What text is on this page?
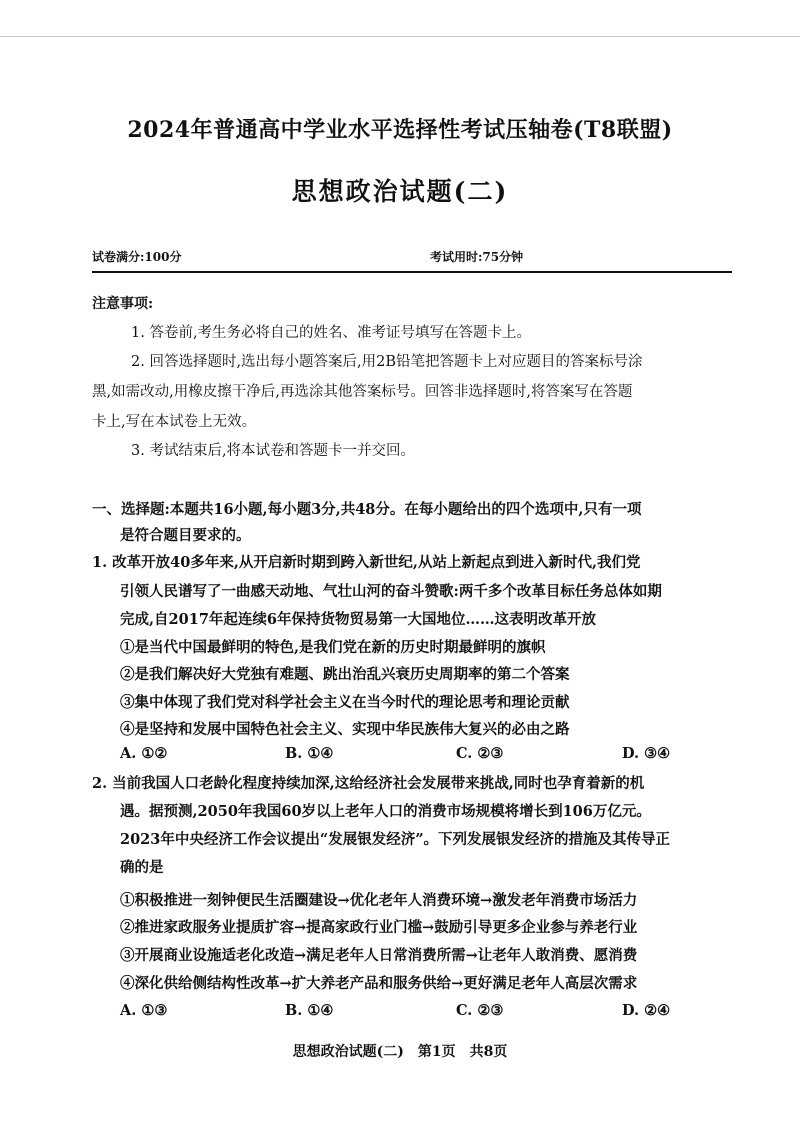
2024年普通高中学业水平选择性考试压轴卷(T8联盟)
思想政治试题(二)
试卷满分:100分	考试用时:75分钟
注意事项:
1. 答卷前,考生务必将自己的姓名、准考证号填写在答题卡上。
2. 回答选择题时,选出每小题答案后,用2B铅笔把答题卡上对应题目的答案标号涂
黑,如需改动,用橡皮擦干净后,再选涂其他答案标号。回答非选择题时,将答案写在答题
卡上,写在本试卷上无效。
3. 考试结束后,将本试卷和答题卡一并交回。
一、选择题:本题共16小题,每小题3分,共48分。在每小题给出的四个选项中,只有一项
是符合题目要求的。
1. 改革开放40多年来,从开启新时期到跨入新世纪,从站上新起点到进入新时代,我们党
引领人民谱写了一曲感天动地、气壮山河的奋斗赞歌:两千多个改革目标任务总体如期
完成,自2017年起连续6年保持货物贸易第一大国地位……这表明改革开放
①是当代中国最鲜明的特色,是我们党在新的历史时期最鲜明的旗帜
②是我们解决好大党独有难题、跳出治乱兴衰历史周期率的第二个答案
③集中体现了我们党对科学社会主义在当今时代的理论思考和理论贡献
④是坚持和发展中国特色社会主义、实现中华民族伟大复兴的必由之路
A. ①②	B. ①④	C. ②③	D. ③④
2. 当前我国人口老龄化程度持续加深,这给经济社会发展带来挑战,同时也孕育着新的机
遇。据预测,2050年我国60岁以上老年人口的消费市场规模将增长到106万亿元。
2023年中央经济工作会议提出“发展银发经济”。下列发展银发经济的措施及其传导正
确的是
①积极推进一刻钟便民生活圈建设→优化老年人消费环境→激发老年消费市场活力
②推进家政服务业提质扩容→提高家政行业门槛→鼓励引导更多企业参与养老行业
③开展商业设施适老化改造→满足老年人日常消费所需→让老年人敢消费、愿消费
④深化供给侧结构性改革→扩大养老产品和服务供给→更好满足老年人高层次需求
A. ①③	B. ①④	C. ②③	D. ②④
思想政治试题(二)　第1页　共8页
